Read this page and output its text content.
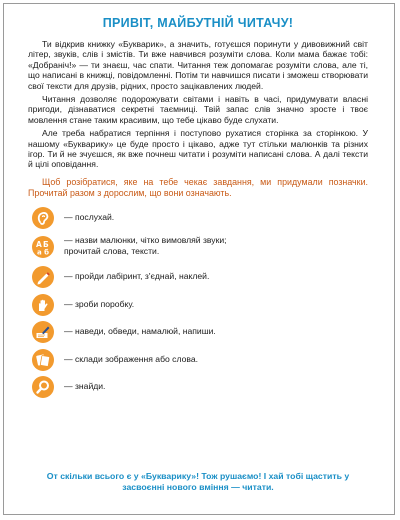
ПРИВІТ, МАЙБУТНІЙ ЧИТАЧУ!

Ти відкрив книжку «Букварик», а значить, готуєшся поринути у дивовижний світ літер, звуків, слів і змістів. Ти вже навчився розуміти слова. Коли мама бажає тобі: «Добраніч!» — ти знаєш, час спати. Читання теж допомагає розуміти слова, але ті, що написані в книжці, повідомленні. Потім ти навчишся писати і зможеш створювати свої тексти для друзів, рідних, просто зацікавлених людей.

Читання дозволяє подорожувати світами і навіть в часі, придумувати власні пригоди, дізнаватися секретні таємниці. Твій запас слів значно зросте і твоє мовлення стане таким красивим, що тебе цікаво буде слухати.

Але треба набратися терпіння і поступово рухатися сторінка за сторінкою. У нашому «Букварику» це буде просто і цікаво, адже тут стільки малюнків та різних ігор. Ти й не зчуєшся, як вже почнеш читати і розуміти написані слова. А далі тексти й цілі оповідання.

Щоб розібратися, яке на тебе чекає завдання, ми придумали позначки. Прочитай разом з дорослим, що вони означають.

— послухай.
А Б
а б
— назви малюнки, чітко вимовляй звуки;
прочитай слова, тексти.
— пройди лабіринт, з'єднай, наклей.
— зроби поробку.
— наведи, обведи, намалюй, напиши.
— склади зображення або слова.
— знайди.
От скільки всього є у «Букварику»! Тож рушаємо! І хай тобі щастить у засвоєнні нового вміння — читати.
